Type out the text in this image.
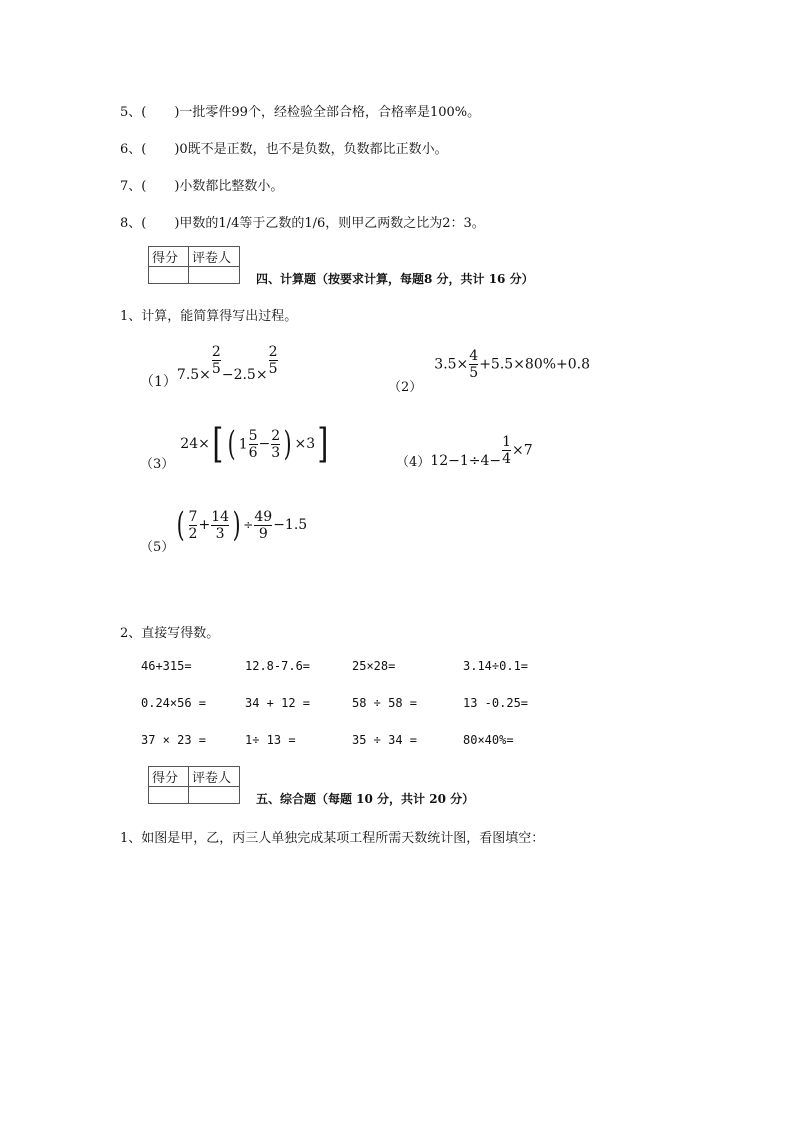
5、( )一批零件99个，经检验全部合格，合格率是100%。
6、( )0既不是正数，也不是负数，负数都比正数小。
7、( )小数都比整数小。
8、( )甲数的1/4等于乙数的1/6，则甲乙两数之比为2：3。
得分	评卷人

四、计算题（按要求计算，每题8 分，共计 16 分）
1、计算，能简算得写出过程。
$(1)7.5\times \frac{2}{5} -2.5\times \frac{2}{5}$
$(2)3.5\times \frac{4}{5} +5.5\times 80\%+0.8$
（3）24×[ ( $1 \frac{5}{6} - \frac{2}{3}$ ) ×3]	$(4)12-1\div 4- \frac{1}{4} \times 7$
$(5)( \frac{7}{2} + \frac{14}{3}$ ) ÷ $\frac{49}{9} -1.5$
2、直接写得数。
46+315=	12.8-7.6=	25×28=	3.14÷0.1=
0.24×56 =	34 + 12 =	58 ÷ 58 =	13 -0.25=
37 × 23 =	1÷ 13 =	35 ÷ 34 =	80×40%=
得分	评卷人

五、综合题（每题 10 分，共计 20 分）
1、如图是甲，乙，丙三人单独完成某项工程所需天数统计图，看图填空：
